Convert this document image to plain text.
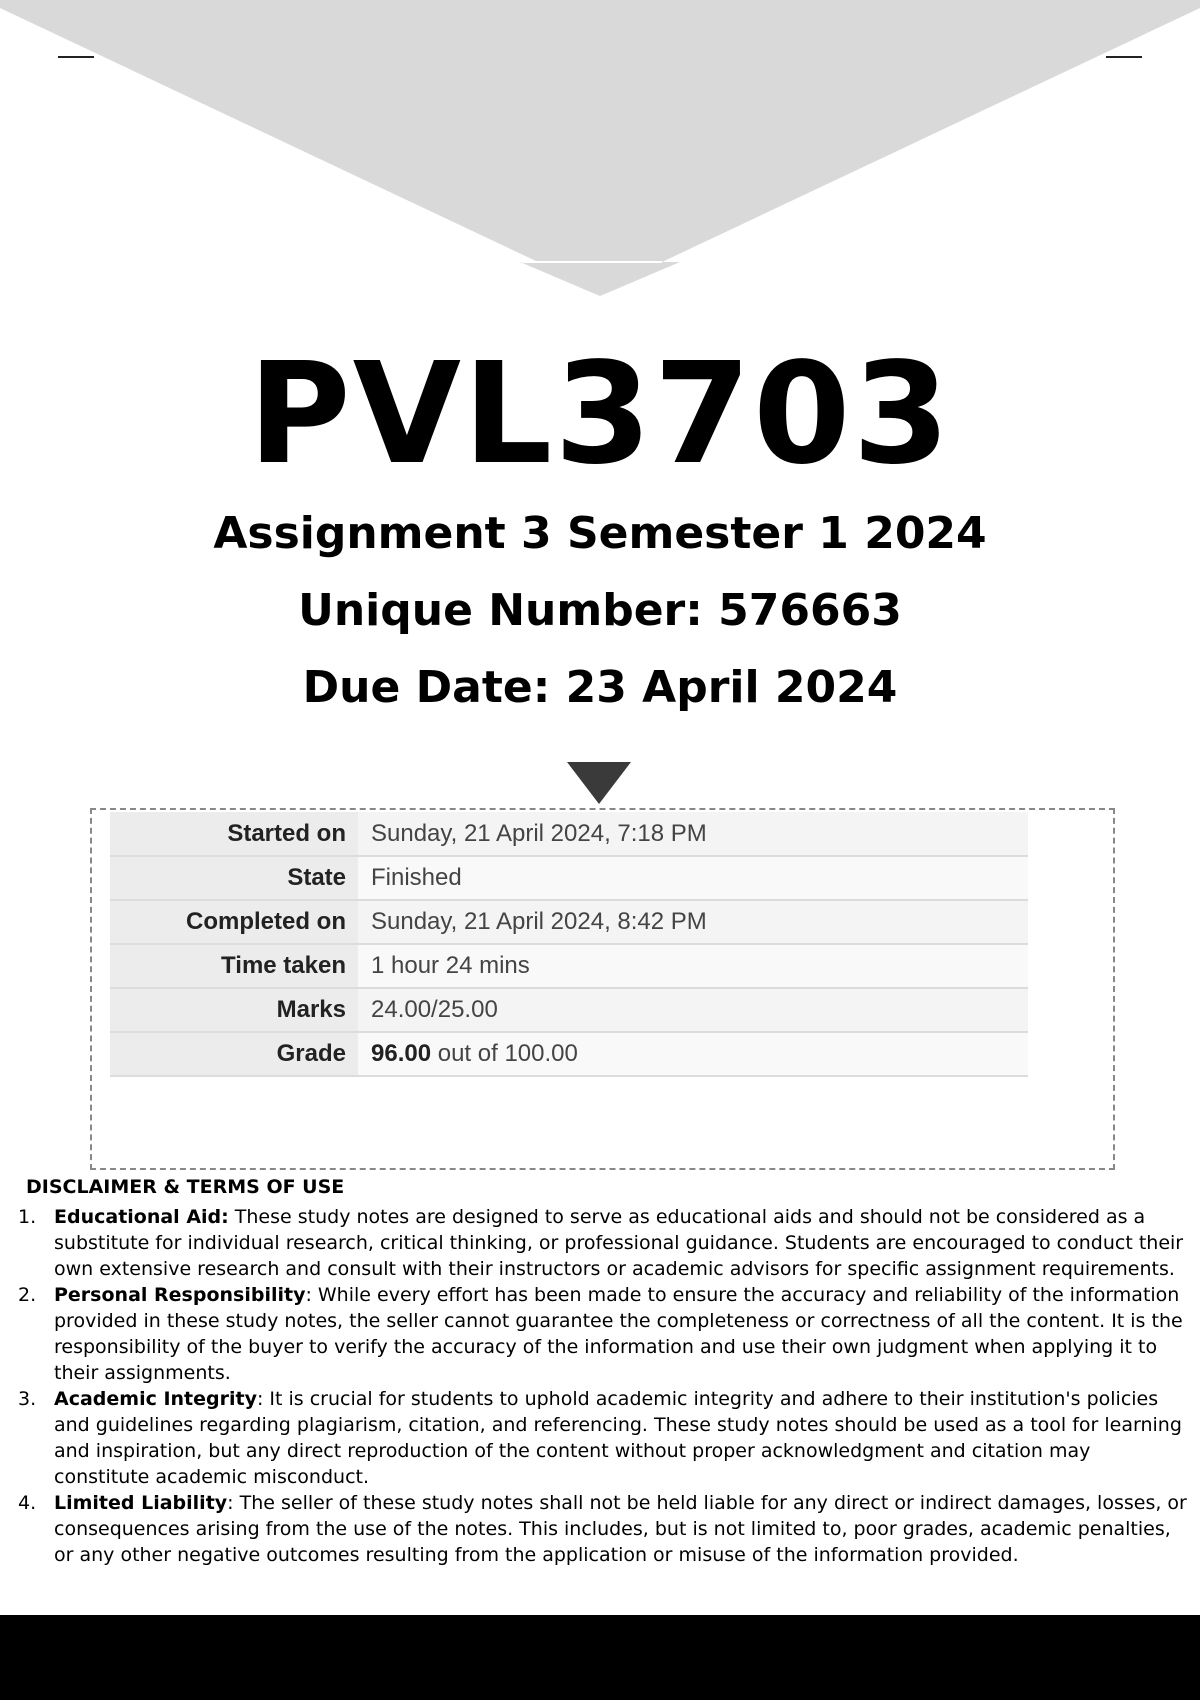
PVL3703
Assignment 3 Semester 1 2024
Unique Number: 576663
Due Date: 23 April 2024
Started on	Sunday, 21 April 2024, 7:18 PM
State	Finished
Completed on	Sunday, 21 April 2024, 8:42 PM
Time taken	1 hour 24 mins
Marks	24.00/25.00
Grade	96.00 out of 100.00
DISCLAIMER & TERMS OF USE
1. Educational Aid: These study notes are designed to serve as educational aids and should not be considered as a substitute for individual research, critical thinking, or professional guidance. Students are encouraged to conduct their own extensive research and consult with their instructors or academic advisors for specific assignment requirements.
2. Personal Responsibility: While every effort has been made to ensure the accuracy and reliability of the information provided in these study notes, the seller cannot guarantee the completeness or correctness of all the content. It is the responsibility of the buyer to verify the accuracy of the information and use their own judgment when applying it to their assignments.
3. Academic Integrity: It is crucial for students to uphold academic integrity and adhere to their institution's policies and guidelines regarding plagiarism, citation, and referencing. These study notes should be used as a tool for learning and inspiration, but any direct reproduction of the content without proper acknowledgment and citation may constitute academic misconduct.
4. Limited Liability: The seller of these study notes shall not be held liable for any direct or indirect damages, losses, or consequences arising from the use of the notes. This includes, but is not limited to, poor grades, academic penalties, or any other negative outcomes resulting from the application or misuse of the information provided.
